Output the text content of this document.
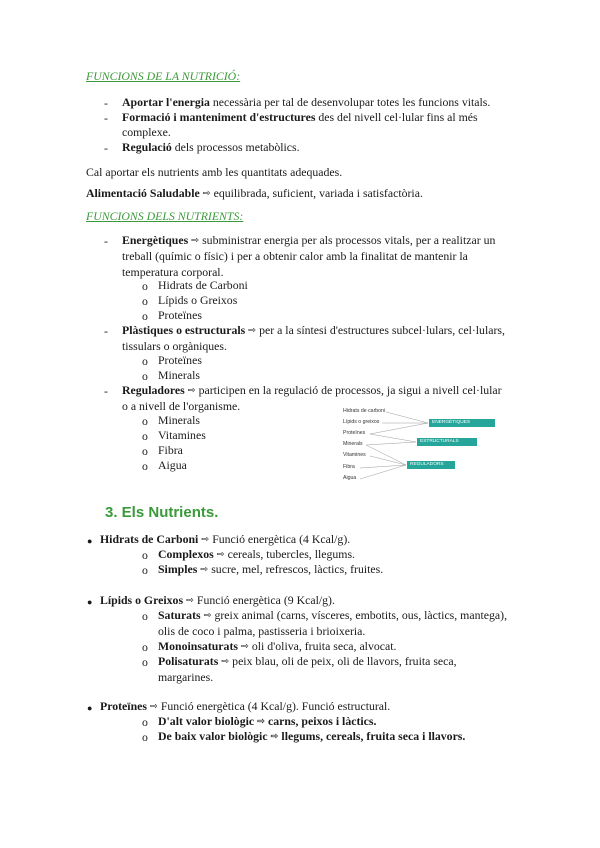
FUNCIONS DE LA NUTRICIÓ:
- Aportar l'energia necessària per tal de desenvolupar totes les funcions vitals.
- Formació i manteniment d'estructures des del nivell cel·lular fins al més
complexe.
- Regulació dels processos metabòlics.
Cal aportar els nutrients amb les quantitats adequades.
Alimentació Saludable ⇨ equilibrada, suficient, variada i satisfactòria.
FUNCIONS DELS NUTRIENTS:
- Energètiques ⇨ subministrar energia per als processos vitals, per a realitzar un
treball (químic o físic) i per a obtenir calor amb la finalitat de mantenir la
temperatura corporal.
o Hidrats de Carboni
o Lípids o Greixos
o Proteïnes
- Plàstiques o estructurals ⇨ per a la síntesi d'estructures subcel·lulars, cel·lulars,
tissulars o orgàniques.
o Proteïnes
o Minerals
- Reguladores ⇨ participen en la regulació de processos, ja sigui a nivell cel·lular
o a nivell de l'organisme.
o Minerals
o Vitamines
o Fibra
o Aigua
Hidrats de carboni
Lípids o greixos
Proteïnes
Minerals
Vitamines
Fibra
Aigua
ENERGÈTIQUES
ESTRUCTURALS
REGULADORS
3. Els Nutrients.
● Hidrats de Carboni ⇨ Funció energètica (4 Kcal/g).
o Complexos ⇨ cereals, tubercles, llegums.
o Simples ⇨ sucre, mel, refrescos, làctics, fruites.
● Lípids o Greixos ⇨ Funció energètica (9 Kcal/g).
o Saturats ⇨ greix animal (carns, vísceres, embotits, ous, làctics, mantega),
olis de coco i palma, pastisseria i brioixeria.
o Monoinsaturats ⇨ oli d'oliva, fruita seca, alvocat.
o Polisaturats ⇨ peix blau, oli de peix, oli de llavors, fruita seca,
margarines.
● Proteïnes ⇨ Funció energètica (4 Kcal/g). Funció estructural.
o D'alt valor biològic ⇨ carns, peixos i làctics.
o De baix valor biològic ⇨ llegums, cereals, fruita seca i llavors.
